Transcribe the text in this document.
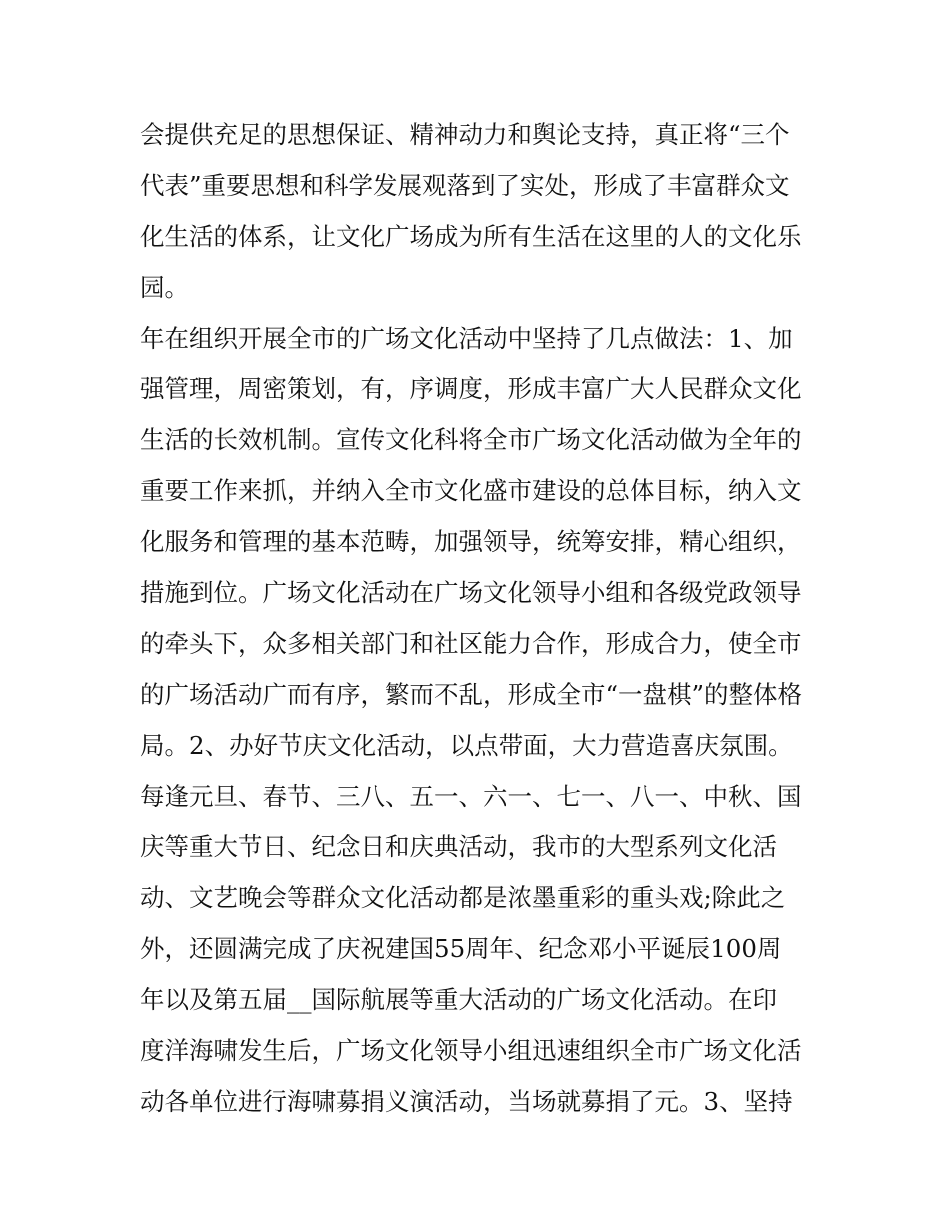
会提供充足的思想保证、精神动力和舆论支持，真正将“三个
代表”重要思想和科学发展观落到了实处，形成了丰富群众文
化生活的体系，让文化广场成为所有生活在这里的人的文化乐
园。
年在组织开展全市的广场文化活动中坚持了几点做法：1、加
强管理，周密策划，有，序调度，形成丰富广大人民群众文化
生活的长效机制。宣传文化科将全市广场文化活动做为全年的
重要工作来抓，并纳入全市文化盛市建设的总体目标，纳入文
化服务和管理的基本范畴，加强领导，统筹安排，精心组织，
措施到位。广场文化活动在广场文化领导小组和各级党政领导
的牵头下，众多相关部门和社区能力合作，形成合力，使全市
的广场活动广而有序，繁而不乱，形成全市“一盘棋”的整体格
局。2、办好节庆文化活动，以点带面，大力营造喜庆氛围。
每逢元旦、春节、三八、五一、六一、七一、八一、中秋、国
庆等重大节日、纪念日和庆典活动，我市的大型系列文化活
动、文艺晚会等群众文化活动都是浓墨重彩的重头戏;除此之
外，还圆满完成了庆祝建国55周年、纪念邓小平诞辰100周
年以及第五届__国际航展等重大活动的广场文化活动。在印
度洋海啸发生后，广场文化领导小组迅速组织全市广场文化活
动各单位进行海啸募捐义演活动，当场就募捐了元。3、坚持
